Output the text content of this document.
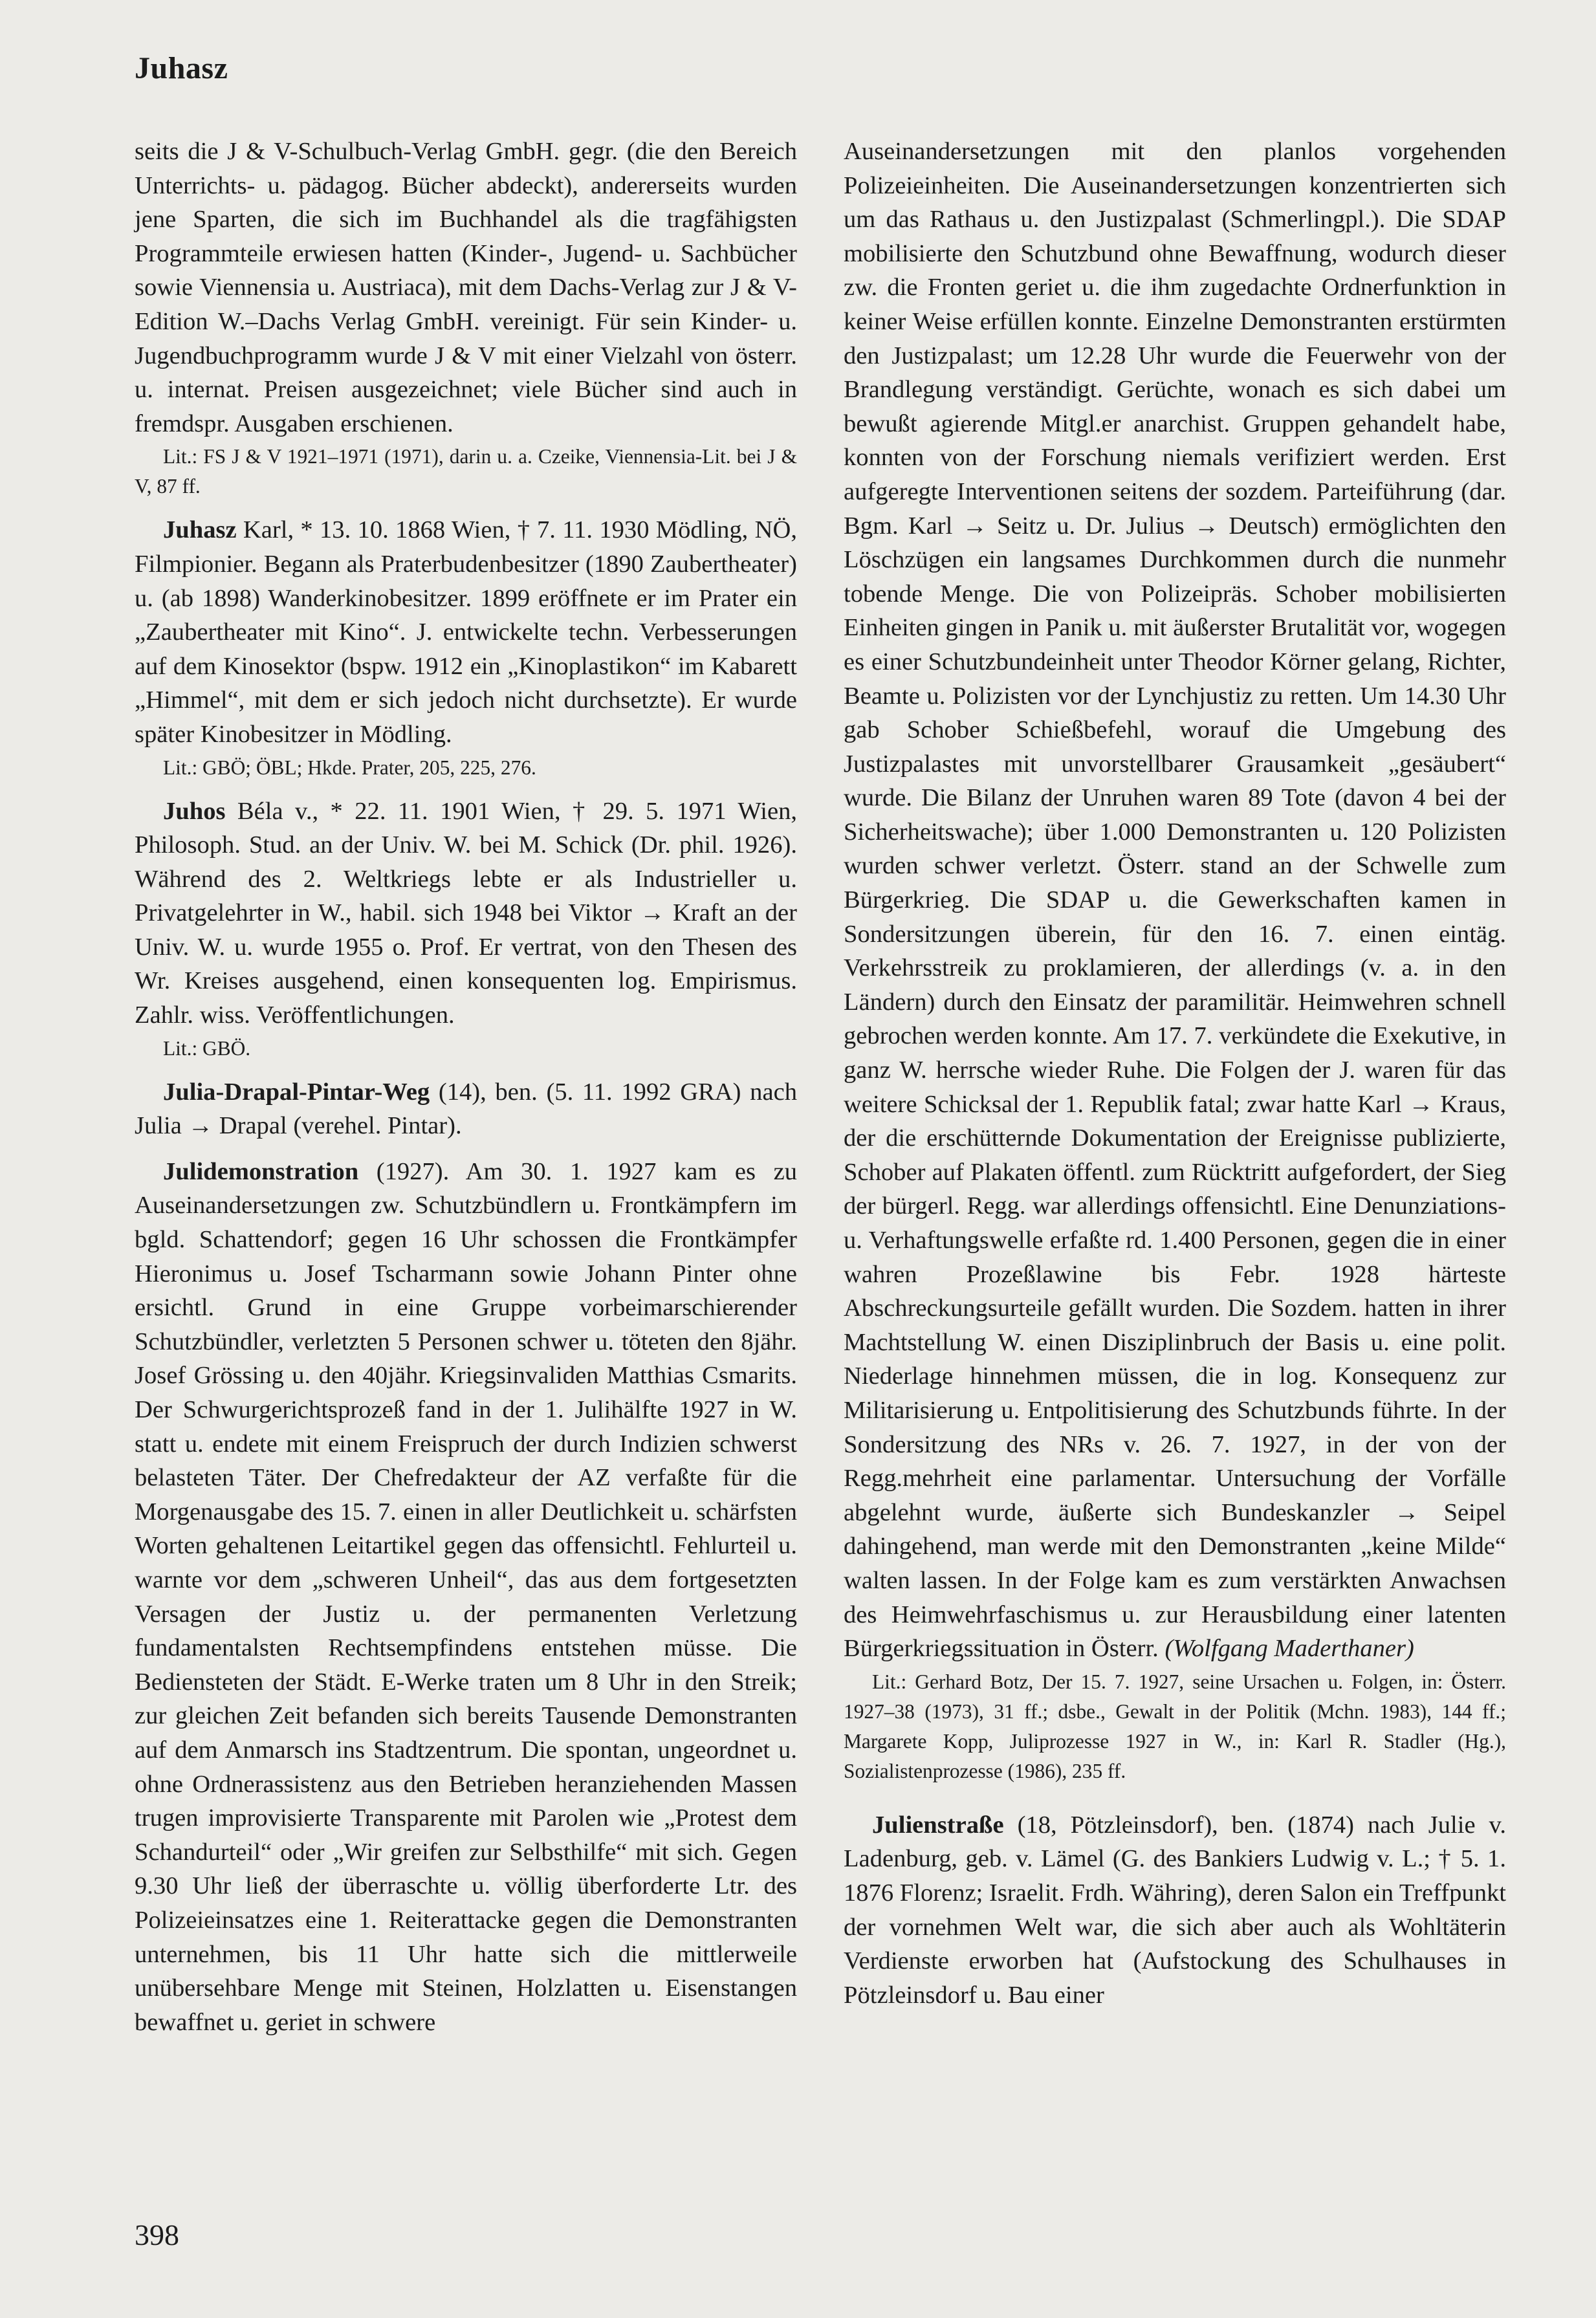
Juhasz

seits die J & V-Schulbuch-Verlag GmbH. gegr. (die den Bereich Unterrichts- u. pädagog. Bücher abdeckt), andererseits wurden jene Sparten, die sich im Buchhandel als die tragfähigsten Programmteile erwiesen hatten (Kinder-, Jugend- u. Sachbücher sowie Viennensia u. Austriaca), mit dem Dachs-Verlag zur J & V-Edition W.–Dachs Verlag GmbH. vereinigt. Für sein Kinder- u. Jugendbuchprogramm wurde J & V mit einer Vielzahl von österr. u. internat. Preisen ausgezeichnet; viele Bücher sind auch in fremdspr. Ausgaben erschienen.

Lit.: FS J & V 1921–1971 (1971), darin u. a. Czeike, Viennensia-Lit. bei J & V, 87 ff.

Juhasz Karl, * 13. 10. 1868 Wien, † 7. 11. 1930 Mödling, NÖ, Filmpionier. Begann als Praterbudenbesitzer (1890 Zaubertheater) u. (ab 1898) Wanderkinobesitzer. 1899 eröffnete er im Prater ein „Zaubertheater mit Kino“. J. entwickelte techn. Verbesserungen auf dem Kinosektor (bspw. 1912 ein „Kinoplastikon“ im Kabarett „Himmel“, mit dem er sich jedoch nicht durchsetzte). Er wurde später Kinobesitzer in Mödling.

Lit.: GBÖ; ÖBL; Hkde. Prater, 205, 225, 276.

Juhos Béla v., * 22. 11. 1901 Wien, † 29. 5. 1971 Wien, Philosoph. Stud. an der Univ. W. bei M. Schick (Dr. phil. 1926). Während des 2. Weltkriegs lebte er als Industrieller u. Privatgelehrter in W., habil. sich 1948 bei Viktor → Kraft an der Univ. W. u. wurde 1955 o. Prof. Er vertrat, von den Thesen des Wr. Kreises ausgehend, einen konsequenten log. Empirismus. Zahlr. wiss. Veröffentlichungen.

Lit.: GBÖ.

Julia-Drapal-Pintar-Weg (14), ben. (5. 11. 1992 GRA) nach Julia → Drapal (verehel. Pintar).

Julidemonstration (1927). Am 30. 1. 1927 kam es zu Auseinandersetzungen zw. Schutzbündlern u. Frontkämpfern im bgld. Schattendorf; gegen 16 Uhr schossen die Frontkämpfer Hieronimus u. Josef Tscharmann sowie Johann Pinter ohne ersichtl. Grund in eine Gruppe vorbeimarschierender Schutzbündler, verletzten 5 Personen schwer u. töteten den 8jähr. Josef Grössing u. den 40jähr. Kriegsinvaliden Matthias Csmarits. Der Schwurgerichtsprozeß fand in der 1. Julihälfte 1927 in W. statt u. endete mit einem Freispruch der durch Indizien schwerst belasteten Täter. Der Chefredakteur der AZ verfaßte für die Morgenausgabe des 15. 7. einen in aller Deutlichkeit u. schärfsten Worten gehaltenen Leitartikel gegen das offensichtl. Fehlurteil u. warnte vor dem „schweren Unheil“, das aus dem fortgesetzten Versagen der Justiz u. der permanenten Verletzung fundamentalsten Rechtsempfindens entstehen müsse. Die Bediensteten der Städt. E-Werke traten um 8 Uhr in den Streik; zur gleichen Zeit befanden sich bereits Tausende Demonstranten auf dem Anmarsch ins Stadtzentrum. Die spontan, ungeordnet u. ohne Ordnerassistenz aus den Betrieben heranziehenden Massen trugen improvisierte Transparente mit Parolen wie „Protest dem Schandurteil“ oder „Wir greifen zur Selbsthilfe“ mit sich. Gegen 9.30 Uhr ließ der überraschte u. völlig überforderte Ltr. des Polizeieinsatzes eine 1. Reiterattacke gegen die Demonstranten unternehmen, bis 11 Uhr hatte sich die mittlerweile unübersehbare Menge mit Steinen, Holzlatten u. Eisenstangen bewaffnet u. geriet in schwere

Auseinandersetzungen mit den planlos vorgehenden Polizeieinheiten. Die Auseinandersetzungen konzentrierten sich um das Rathaus u. den Justizpalast (Schmerlingpl.). Die SDAP mobilisierte den Schutzbund ohne Bewaffnung, wodurch dieser zw. die Fronten geriet u. die ihm zugedachte Ordnerfunktion in keiner Weise erfüllen konnte. Einzelne Demonstranten erstürmten den Justizpalast; um 12.28 Uhr wurde die Feuerwehr von der Brandlegung verständigt. Gerüchte, wonach es sich dabei um bewußt agierende Mitgl.er anarchist. Gruppen gehandelt habe, konnten von der Forschung niemals verifiziert werden. Erst aufgeregte Interventionen seitens der sozdem. Parteiführung (dar. Bgm. Karl → Seitz u. Dr. Julius → Deutsch) ermöglichten den Löschzügen ein langsames Durchkommen durch die nunmehr tobende Menge. Die von Polizeipräs. Schober mobilisierten Einheiten gingen in Panik u. mit äußerster Brutalität vor, wogegen es einer Schutzbundeinheit unter Theodor Körner gelang, Richter, Beamte u. Polizisten vor der Lynchjustiz zu retten. Um 14.30 Uhr gab Schober Schießbefehl, worauf die Umgebung des Justizpalastes mit unvorstellbarer Grausamkeit „gesäubert“ wurde. Die Bilanz der Unruhen waren 89 Tote (davon 4 bei der Sicherheitswache); über 1.000 Demonstranten u. 120 Polizisten wurden schwer verletzt. Österr. stand an der Schwelle zum Bürgerkrieg. Die SDAP u. die Gewerkschaften kamen in Sondersitzungen überein, für den 16. 7. einen eintäg. Verkehrsstreik zu proklamieren, der allerdings (v. a. in den Ländern) durch den Einsatz der paramilitär. Heimwehren schnell gebrochen werden konnte. Am 17. 7. verkündete die Exekutive, in ganz W. herrsche wieder Ruhe. Die Folgen der J. waren für das weitere Schicksal der 1. Republik fatal; zwar hatte Karl → Kraus, der die erschütternde Dokumentation der Ereignisse publizierte, Schober auf Plakaten öffentl. zum Rücktritt aufgefordert, der Sieg der bürgerl. Regg. war allerdings offensichtl. Eine Denunziations- u. Verhaftungswelle erfaßte rd. 1.400 Personen, gegen die in einer wahren Prozeßlawine bis Febr. 1928 härteste Abschreckungsurteile gefällt wurden. Die Sozdem. hatten in ihrer Machtstellung W. einen Disziplinbruch der Basis u. eine polit. Niederlage hinnehmen müssen, die in log. Konsequenz zur Militarisierung u. Entpolitisierung des Schutzbunds führte. In der Sondersitzung des NRs v. 26. 7. 1927, in der von der Regg.mehrheit eine parlamentar. Untersuchung der Vorfälle abgelehnt wurde, äußerte sich Bundeskanzler → Seipel dahingehend, man werde mit den Demonstranten „keine Milde“ walten lassen. In der Folge kam es zum verstärkten Anwachsen des Heimwehrfaschismus u. zur Herausbildung einer latenten Bürgerkriegssituation in Österr. (Wolfgang Maderthaner)

Lit.: Gerhard Botz, Der 15. 7. 1927, seine Ursachen u. Folgen, in: Österr. 1927–38 (1973), 31 ff.; dsbe., Gewalt in der Politik (Mchn. 1983), 144 ff.; Margarete Kopp, Juliprozesse 1927 in W., in: Karl R. Stadler (Hg.), Sozialistenprozesse (1986), 235 ff.

Julienstraße (18, Pötzleinsdorf), ben. (1874) nach Julie v. Ladenburg, geb. v. Lämel (G. des Bankiers Ludwig v. L.; † 5. 1. 1876 Florenz; Israelit. Frdh. Währing), deren Salon ein Treffpunkt der vornehmen Welt war, die sich aber auch als Wohltäterin Verdienste erworben hat (Aufstockung des Schulhauses in Pötzleinsdorf u. Bau einer

398
